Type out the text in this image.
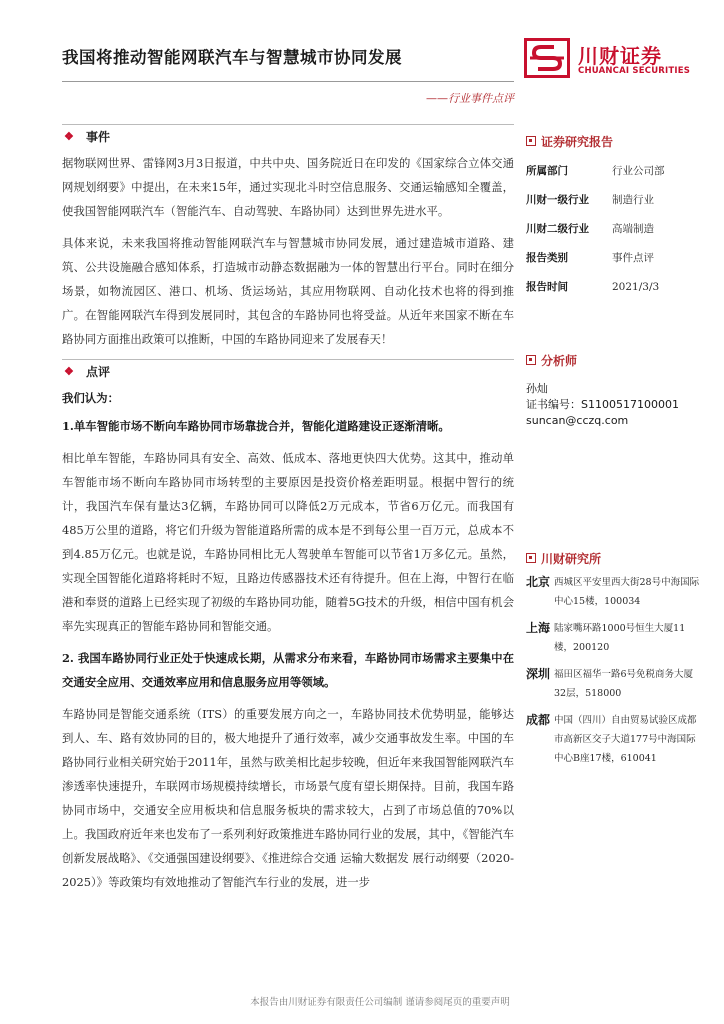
我国将推动智能网联汽车与智慧城市协同发展
——行业事件点评
川财证券
CHUANCAI SECURITIES
❖	事件
据物联网世界、雷锋网3月3日报道，中共中央、国务院近日在印发的《国家综合立体交通网规划纲要》中提出，在未来15年，通过实现北斗时空信息服务、交通运输感知全覆盖，使我国智能网联汽车（智能汽车、自动驾驶、车路协同）达到世界先进水平。
具体来说，未来我国将推动智能网联汽车与智慧城市协同发展，通过建造城市道路、建筑、公共设施融合感知体系，打造城市动静态数据融为一体的智慧出行平台。同时在细分场景，如物流园区、港口、机场、货运场站，其应用物联网、自动化技术也将的得到推广。在智能网联汽车得到发展同时，其包含的车路协同也将受益。从近年来国家不断在车路协同方面推出政策可以推断，中国的车路协同迎来了发展春天！
❖	点评
我们认为：
1.单车智能市场不断向车路协同市场靠拢合并，智能化道路建设正逐渐清晰。
相比单车智能，车路协同具有安全、高效、低成本、落地更快四大优势。这其中，推动单车智能市场不断向车路协同市场转型的主要原因是投资价格差距明显。根据中智行的统计，我国汽车保有量达3亿辆，车路协同可以降低2万元成本，节省6万亿元。而我国有485万公里的道路，将它们升级为智能道路所需的成本是不到每公里一百万元，总成本不到4.85万亿元。也就是说，车路协同相比无人驾驶单车智能可以节省1万多亿元。虽然，实现全国智能化道路将耗时不短，且路边传感器技术还有待提升。但在上海，中智行在临港和奉贤的道路上已经实现了初级的车路协同功能，随着5G技术的升级，相信中国有机会率先实现真正的智能车路协同和智能交通。
2. 我国车路协同行业正处于快速成长期，从需求分布来看，车路协同市场需求主要集中在交通安全应用、交通效率应用和信息服务应用等领域。
车路协同是智能交通系统（ITS）的重要发展方向之一，车路协同技术优势明显，能够达到人、车、路有效协同的目的，极大地提升了通行效率，减少交通事故发生率。中国的车路协同行业相关研究始于2011年，虽然与欧美相比起步较晚，但近年来我国智能网联汽车渗透率快速提升，车联网市场规模持续增长，市场景气度有望长期保持。目前，我国车路协同市场中，交通安全应用板块和信息服务板块的需求较大，占到了市场总值的70%以上。我国政府近年来也发布了一系列利好政策推进车路协同行业的发展，其中，《智能汽车创新发展战略》、《交通强国建设纲要》、《推进综合交通 运输大数据发 展行动纲要（2020-2025）》等政策均有效地推动了智能汽车行业的发展，进一步
证券研究报告
所属部门	行业公司部
川财一级行业	制造行业
川财二级行业	高端制造
报告类别	事件点评
报告时间	2021/3/3
分析师
孙灿
证书编号：S1100517100001
suncan@cczq.com
川财研究所
北京 西城区平安里西大街28号中海国际中心15楼，100034
上海 陆家嘴环路1000号恒生大厦11楼，200120
深圳 福田区福华一路6号免税商务大厦32层，518000
成都 中国（四川）自由贸易试验区成都市高新区交子大道177号中海国际中心B座17楼，610041
本报告由川财证券有限责任公司编制 谨请参阅尾页的重要声明
